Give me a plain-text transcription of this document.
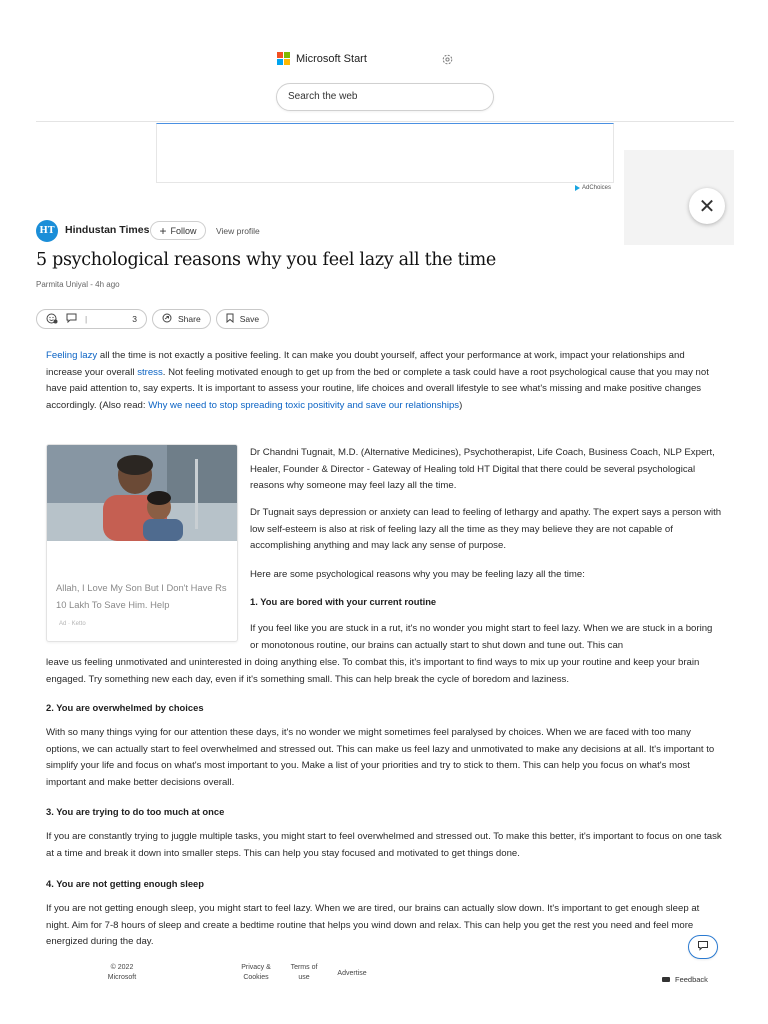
Microsoft Start
Search the web
AdChoices
✕
HT Hindustan Times + Follow View profile
5 psychological reasons why you feel lazy all the time
Parmita Uniyal - 4h ago
|	3	Share	Save

Feeling lazy all the time is not exactly a positive feeling. It can make you doubt yourself, affect your performance at work, impact your relationships and increase your overall stress. Not feeling motivated enough to get up from the bed or complete a task could have a root psychological cause that you may not have paid attention to, say experts. It is important to assess your routine, life choices and overall lifestyle to see what's missing and make positive changes accordingly. (Also read: Why we need to stop spreading toxic positivity and save our relationships)

Allah, I Love My Son But I Don't Have Rs 10 Lakh To Save Him. Help
Ad · Ketto

Dr Chandni Tugnait, M.D. (Alternative Medicines), Psychotherapist, Life Coach, Business Coach, NLP Expert, Healer, Founder & Director - Gateway of Healing told HT Digital that there could be several psychological reasons why someone may feel lazy all the time.

Dr Tugnait says depression or anxiety can lead to feeling of lethargy and apathy. The expert says a person with low self-esteem is also at risk of feeling lazy all the time as they may believe they are not capable of accomplishing anything and may lack any sense of purpose.

Here are some psychological reasons why you may be feeling lazy all the time:

1. You are bored with your current routine

If you feel like you are stuck in a rut, it's no wonder you might start to feel lazy. When we are stuck in a boring or monotonous routine, our brains can actually start to shut down and tune out. This can

leave us feeling unmotivated and uninterested in doing anything else. To combat this, it's important to find ways to mix up your routine and keep your brain engaged. Try something new each day, even if it's something small. This can help break the cycle of boredom and laziness.

2. You are overwhelmed by choices

With so many things vying for our attention these days, it's no wonder we might sometimes feel paralysed by choices. When we are faced with too many options, we can actually start to feel overwhelmed and stressed out. This can make us feel lazy and unmotivated to make any decisions at all. It's important to simplify your life and focus on what's most important to you. Make a list of your priorities and try to stick to them. This can help you focus on what's most important and make better decisions overall.

3. You are trying to do too much at once

If you are constantly trying to juggle multiple tasks, you might start to feel overwhelmed and stressed out. To make this better, it's important to focus on one task at a time and break it down into smaller steps. This can help you stay focused and motivated to get things done.

4. You are not getting enough sleep

If you are not getting enough sleep, you might start to feel lazy. When we are tired, our brains can actually slow down. It's important to get enough sleep at night. Aim for 7-8 hours of sleep and create a bedtime routine that helps you wind down and relax. This can help you get the rest you need and feel more energized during the day.

© 2022
Microsoft
Privacy &
Cookies
Terms of
use
Advertise
Feedback
